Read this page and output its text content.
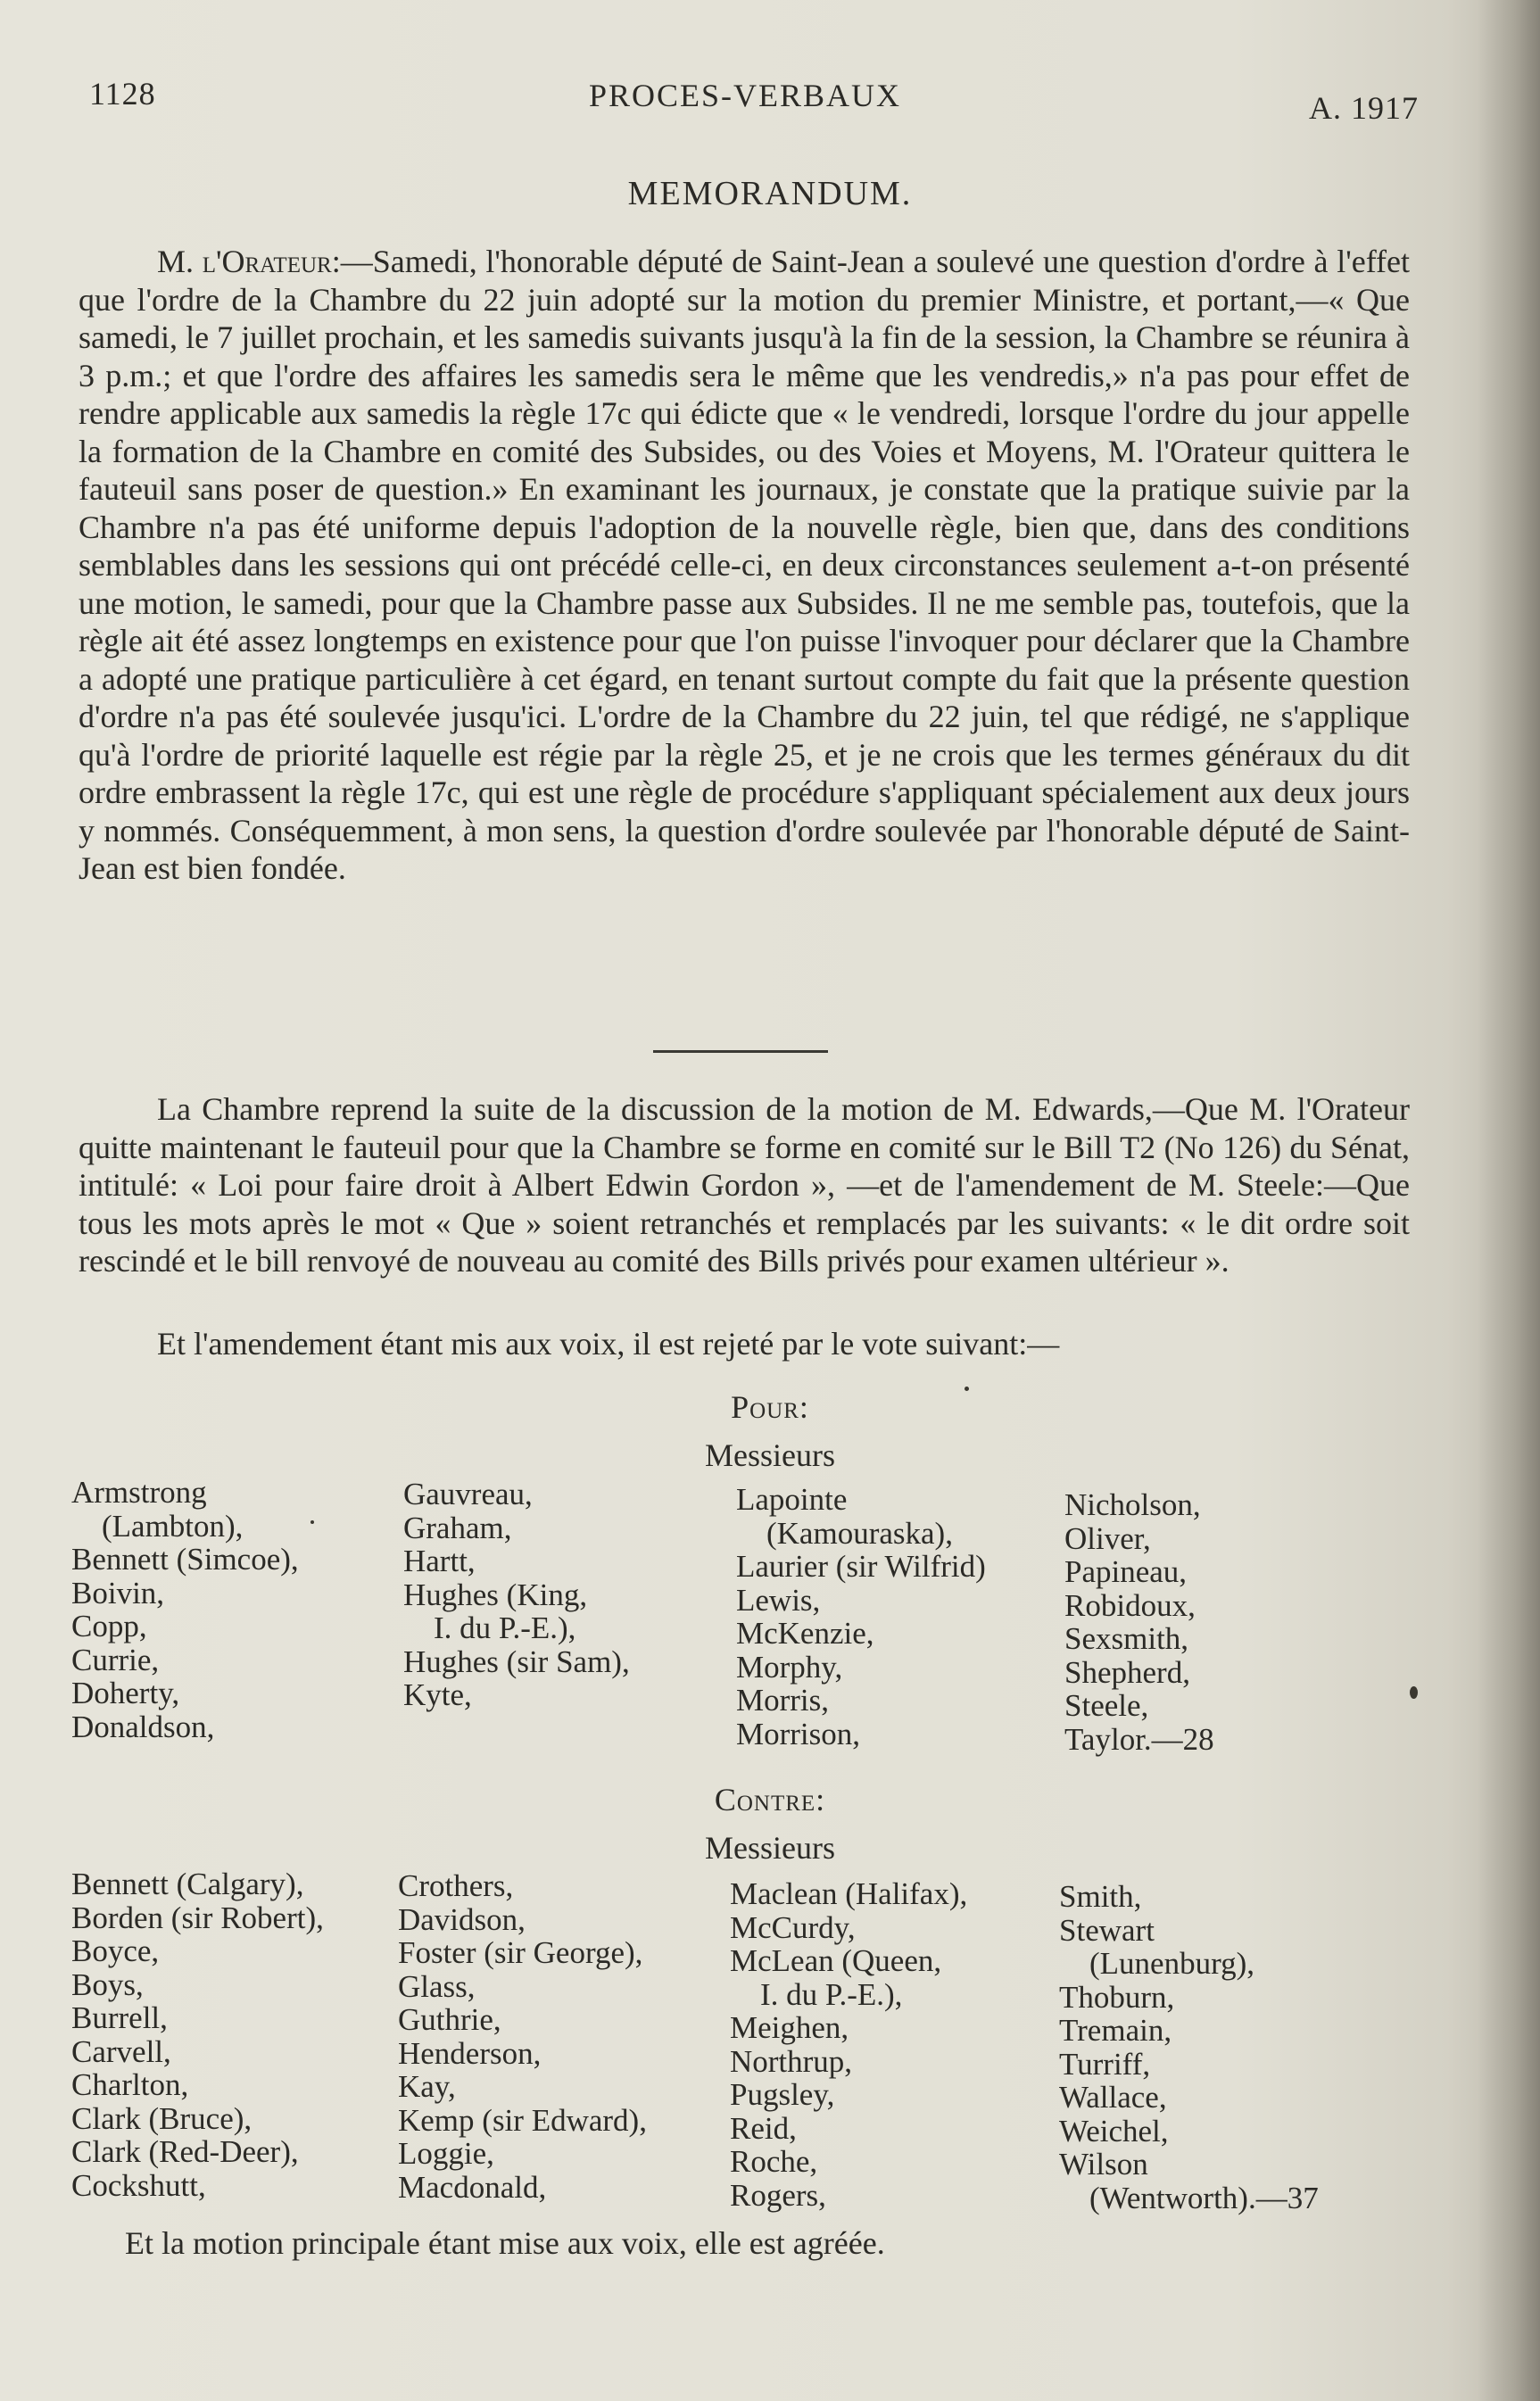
1128	PROCES-VERBAUX	A. 1917
MEMORANDUM.
M. l'Orateur:—Samedi, l'honorable député de Saint-Jean a soulevé une question d'ordre à l'effet que l'ordre de la Chambre du 22 juin adopté sur la motion du premier Ministre, et portant,—« Que samedi, le 7 juillet prochain, et les samedis suivants jusqu'à la fin de la session, la Chambre se réunira à 3 p.m.; et que l'ordre des affaires les samedis sera le même que les vendredis,» n'a pas pour effet de rendre applicable aux samedis la règle 17c qui édicte que « le vendredi, lorsque l'ordre du jour appelle la formation de la Chambre en comité des Subsides, ou des Voies et Moyens, M. l'Orateur quittera le fauteuil sans poser de question.» En examinant les journaux, je constate que la pratique suivie par la Chambre n'a pas été uniforme depuis l'adoption de la nouvelle règle, bien que, dans des conditions semblables dans les sessions qui ont précédé celle-ci, en deux circonstances seulement a-t-on présenté une motion, le samedi, pour que la Chambre passe aux Subsides. Il ne me semble pas, toutefois, que la règle ait été assez longtemps en existence pour que l'on puisse l'invoquer pour déclarer que la Chambre a adopté une pratique particulière à cet égard, en tenant surtout compte du fait que la présente question d'ordre n'a pas été soulevée jusqu'ici. L'ordre de la Chambre du 22 juin, tel que rédigé, ne s'applique qu'à l'ordre de priorité laquelle est régie par la règle 25, et je ne crois que les termes généraux du dit ordre embrassent la règle 17c, qui est une règle de procédure s'appliquant spécialement aux deux jours y nommés. Conséquemment, à mon sens, la question d'ordre soulevée par l'honorable député de Saint-Jean est bien fondée.
La Chambre reprend la suite de la discussion de la motion de M. Edwards,—Que M. l'Orateur quitte maintenant le fauteuil pour que la Chambre se forme en comité sur le Bill T2 (No 126) du Sénat, intitulé: « Loi pour faire droit à Albert Edwin Gordon », —et de l'amendement de M. Steele:—Que tous les mots après le mot « Que » soient retranchés et remplacés par les suivants: « le dit ordre soit rescindé et le bill renvoyé de nouveau au comité des Bills privés pour examen ultérieur ».
Et l'amendement étant mis aux voix, il est rejeté par le vote suivant:—
Pour:
Messieurs
Armstrong
(Lambton),
Bennett (Simcoe),
Boivin,
Copp,
Currie,
Doherty,
Donaldson,
Gauvreau,
Graham,
Hartt,
Hughes (King,
I. du P.-E.),
Hughes (sir Sam),
Kyte,
Lapointe
(Kamouraska),
Laurier (sir Wilfrid)
Lewis,
McKenzie,
Morphy,
Morris,
Morrison,
Nicholson,
Oliver,
Papineau,
Robidoux,
Sexsmith,
Shepherd,
Steele,
Taylor.—28
Contre:
Messieurs
Bennett (Calgary),
Borden (sir Robert),
Boyce,
Boys,
Burrell,
Carvell,
Charlton,
Clark (Bruce),
Clark (Red-Deer),
Cockshutt,
Crothers,
Davidson,
Foster (sir George),
Glass,
Guthrie,
Henderson,
Kay,
Kemp (sir Edward),
Loggie,
Macdonald,
Maclean (Halifax),
McCurdy,
McLean (Queen,
I. du P.-E.),
Meighen,
Northrup,
Pugsley,
Reid,
Roche,
Rogers,
Smith,
Stewart
(Lunenburg),
Thoburn,
Tremain,
Turriff,
Wallace,
Weichel,
Wilson
(Wentworth).—37
Et la motion principale étant mise aux voix, elle est agréée.
